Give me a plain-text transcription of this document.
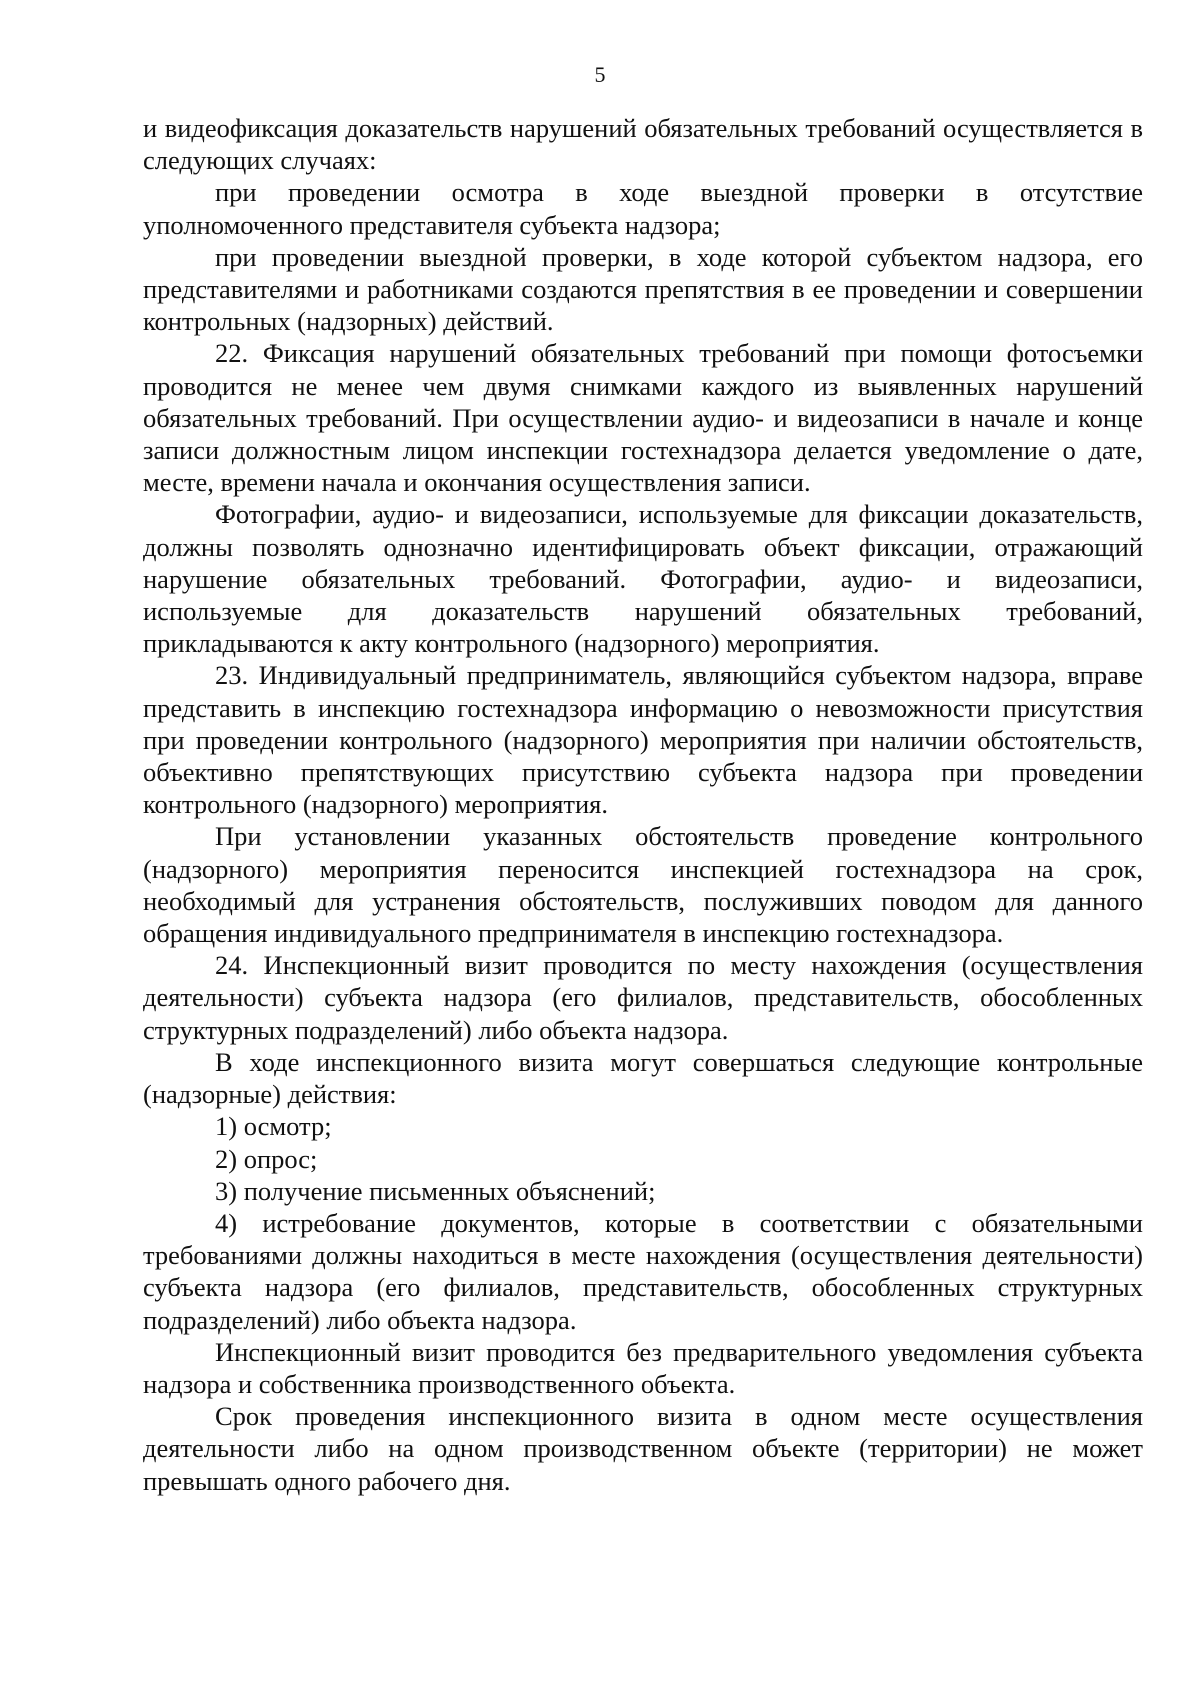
5

и видеофиксация доказательств нарушений обязательных требований осуществляется в следующих случаях:

при проведении осмотра в ходе выездной проверки в отсутствие уполномоченного представителя субъекта надзора;

при проведении выездной проверки, в ходе которой субъектом надзора, его представителями и работниками создаются препятствия в ее проведении и совершении контрольных (надзорных) действий.

22. Фиксация нарушений обязательных требований при помощи фотосъемки проводится не менее чем двумя снимками каждого из выявленных нарушений обязательных требований. При осуществлении аудио- и видеозаписи в начале и конце записи должностным лицом инспекции гостехнадзора делается уведомление о дате, месте, времени начала и окончания осуществления записи.

Фотографии, аудио- и видеозаписи, используемые для фиксации доказательств, должны позволять однозначно идентифицировать объект фиксации, отражающий нарушение обязательных требований. Фотографии, аудио- и видеозаписи, используемые для доказательств нарушений обязательных требований, прикладываются к акту контрольного (надзорного) мероприятия.

23. Индивидуальный предприниматель, являющийся субъектом надзора, вправе представить в инспекцию гостехнадзора информацию о невозможности присутствия при проведении контрольного (надзорного) мероприятия при наличии обстоятельств, объективно препятствующих присутствию субъекта надзора при проведении контрольного (надзорного) мероприятия.

При установлении указанных обстоятельств проведение контрольного (надзорного) мероприятия переносится инспекцией гостехнадзора на срок, необходимый для устранения обстоятельств, послуживших поводом для данного обращения индивидуального предпринимателя в инспекцию гостехнадзора.

24. Инспекционный визит проводится по месту нахождения (осуществления деятельности) субъекта надзора (его филиалов, представительств, обособленных структурных подразделений) либо объекта надзора.

В ходе инспекционного визита могут совершаться следующие контрольные (надзорные) действия:

1) осмотр;

2) опрос;

3) получение письменных объяснений;

4) истребование документов, которые в соответствии с обязательными требованиями должны находиться в месте нахождения (осуществления деятельности) субъекта надзора (его филиалов, представительств, обособленных структурных подразделений) либо объекта надзора.

Инспекционный визит проводится без предварительного уведомления субъекта надзора и собственника производственного объекта.

Срок проведения инспекционного визита в одном месте осуществления деятельности либо на одном производственном объекте (территории) не может превышать одного рабочего дня.
